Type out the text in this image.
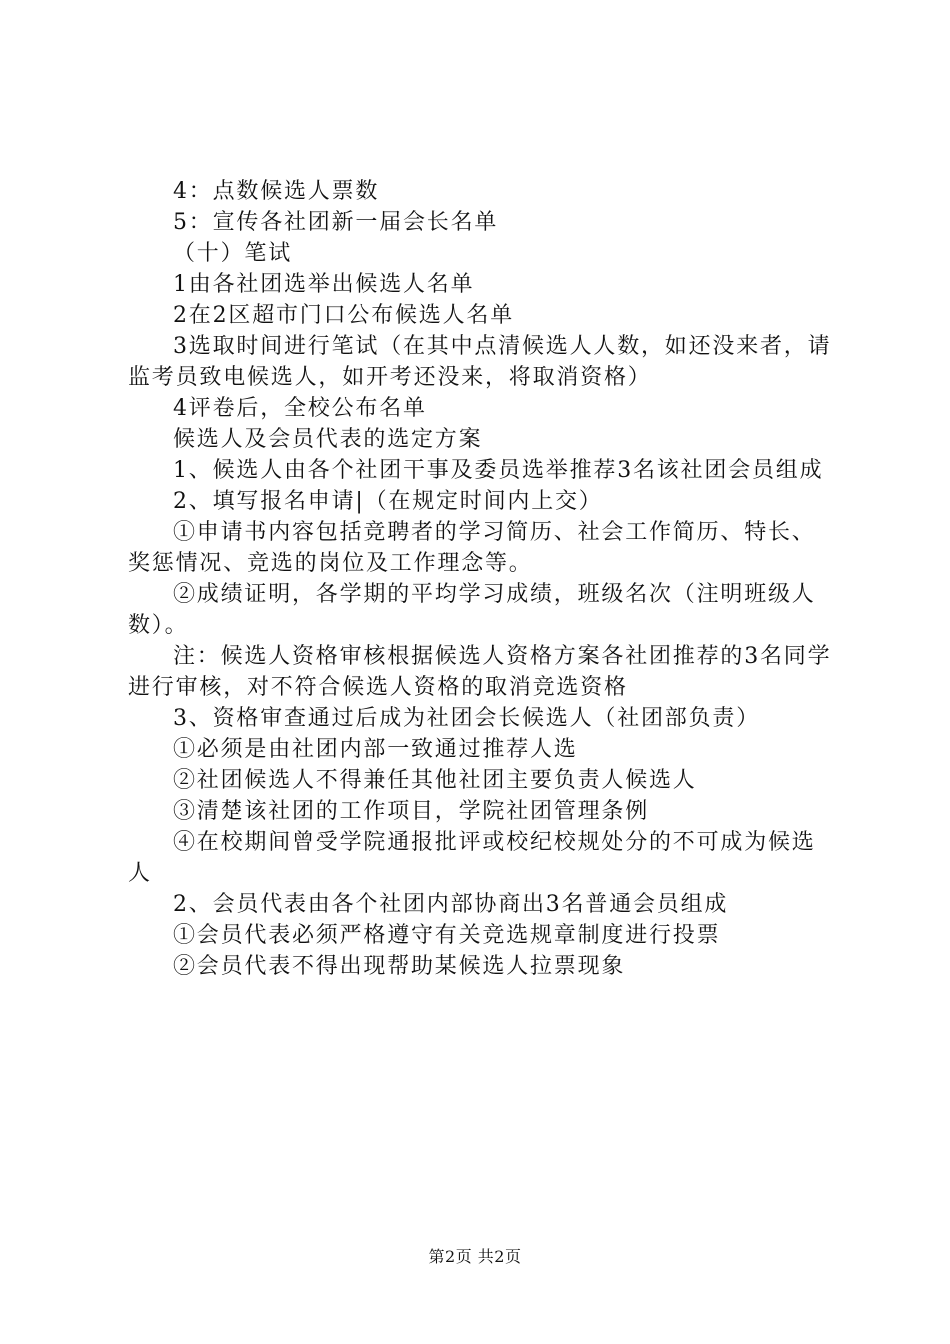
4：点数候选人票数

5：宣传各社团新一届会长名单

（十）笔试

1由各社团选举出候选人名单

2在2区超市门口公布候选人名单

3选取时间进行笔试（在其中点清候选人人数，如还没来者，请监考员致电候选人，如开考还没来，将取消资格）

4评卷后，全校公布名单

候选人及会员代表的选定方案

1、候选人由各个社团干事及委员选举推荐3名该社团会员组成

2、填写报名申请|（在规定时间内上交）

①申请书内容包括竞聘者的学习简历、社会工作简历、特长、奖惩情况、竞选的岗位及工作理念等。

②成绩证明，各学期的平均学习成绩，班级名次（注明班级人数）。

注：候选人资格审核根据候选人资格方案各社团推荐的3名同学进行审核，对不符合候选人资格的取消竞选资格

3、资格审查通过后成为社团会长候选人（社团部负责）

①必须是由社团内部一致通过推荐人选

②社团候选人不得兼任其他社团主要负责人候选人

③清楚该社团的工作项目，学院社团管理条例

④在校期间曾受学院通报批评或校纪校规处分的不可成为候选人

2、会员代表由各个社团内部协商出3名普通会员组成

①会员代表必须严格遵守有关竞选规章制度进行投票

②会员代表不得出现帮助某候选人拉票现象

第2页 共2页
